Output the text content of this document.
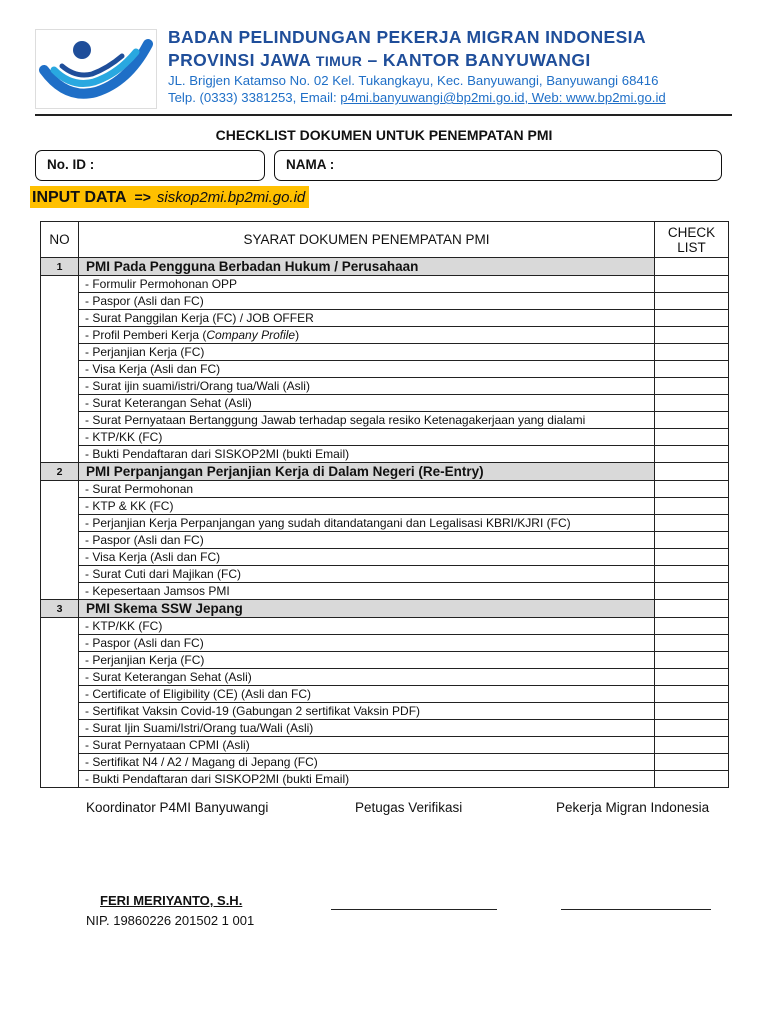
BADAN PELINDUNGAN PEKERJA MIGRAN INDONESIA
PROVINSI JAWA TIMUR – KANTOR BANYUWANGI
JL. Brigjen Katamso No. 02 Kel. Tukangkayu, Kec. Banyuwangi, Banyuwangi 68416
Telp. (0333) 3381253, Email: p4mi.banyuwangi@bp2mi.go.id, Web: www.bp2mi.go.id
CHECKLIST DOKUMEN UNTUK PENEMPATAN PMI
No. ID :	NAMA :
INPUT DATA => siskop2mi.bp2mi.go.id
NO	SYARAT DOKUMEN PENEMPATAN PMI	CHECK LIST
1	PMI Pada Pengguna Berbadan Hukum / Perusahaan	
	- Formulir Permohonan OPP	
	- Paspor (Asli dan FC)	
	- Surat Panggilan Kerja (FC) / JOB OFFER	
	- Profil Pemberi Kerja (Company Profile)	
	- Perjanjian Kerja (FC)	
	- Visa Kerja (Asli dan FC)	
	- Surat ijin suami/istri/Orang tua/Wali (Asli)	
	- Surat Keterangan Sehat (Asli)	
	- Surat Pernyataan Bertanggung Jawab terhadap segala resiko Ketenagakerjaan yang dialami	
	- KTP/KK (FC)	
	- Bukti Pendaftaran dari SISKOP2MI (bukti Email)	
2	PMI Perpanjangan Perjanjian Kerja di Dalam Negeri (Re-Entry)	
	- Surat Permohonan	
	- KTP & KK (FC)	
	- Perjanjian Kerja Perpanjangan yang sudah ditandatangani dan Legalisasi KBRI/KJRI (FC)	
	- Paspor (Asli dan FC)	
	- Visa Kerja (Asli dan FC)	
	- Surat Cuti dari Majikan (FC)	
	- Kepesertaan Jamsos PMI	
3	PMI Skema SSW Jepang	
	- KTP/KK (FC)	
	- Paspor (Asli dan FC)	
	- Perjanjian Kerja (FC)	
	- Surat Keterangan Sehat (Asli)	
	- Certificate of Eligibility (CE) (Asli dan FC)	
	- Sertifikat Vaksin Covid-19 (Gabungan 2 sertifikat Vaksin PDF)	
	- Surat Ijin Suami/Istri/Orang tua/Wali (Asli)	
	- Surat Pernyataan CPMI (Asli)	
	- Sertifikat N4 / A2 / Magang di Jepang (FC)	
	- Bukti Pendaftaran dari SISKOP2MI (bukti Email)	
Koordinator P4MI Banyuwangi	Petugas Verifikasi	Pekerja Migran Indonesia
FERI MERIYANTO, S.H.
NIP. 19860226 201502 1 001
